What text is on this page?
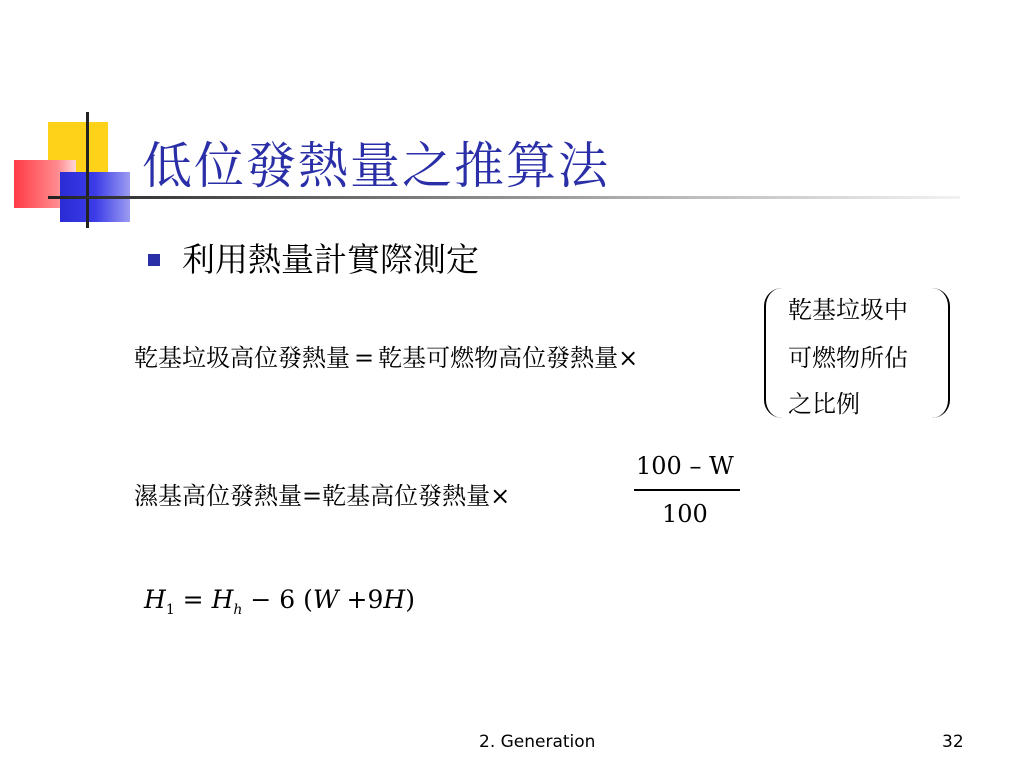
低位發熱量之推算法
利用熱量計實際測定
乾基垃圾高位發熱量 = 乾基可燃物高位發熱量×
乾基垃圾中
可燃物所佔
之比例
濕基高位發熱量=乾基高位發熱量×
100 – W
100
$H_1 = H_h - 6$ (W +9H)
2. Generation	32
